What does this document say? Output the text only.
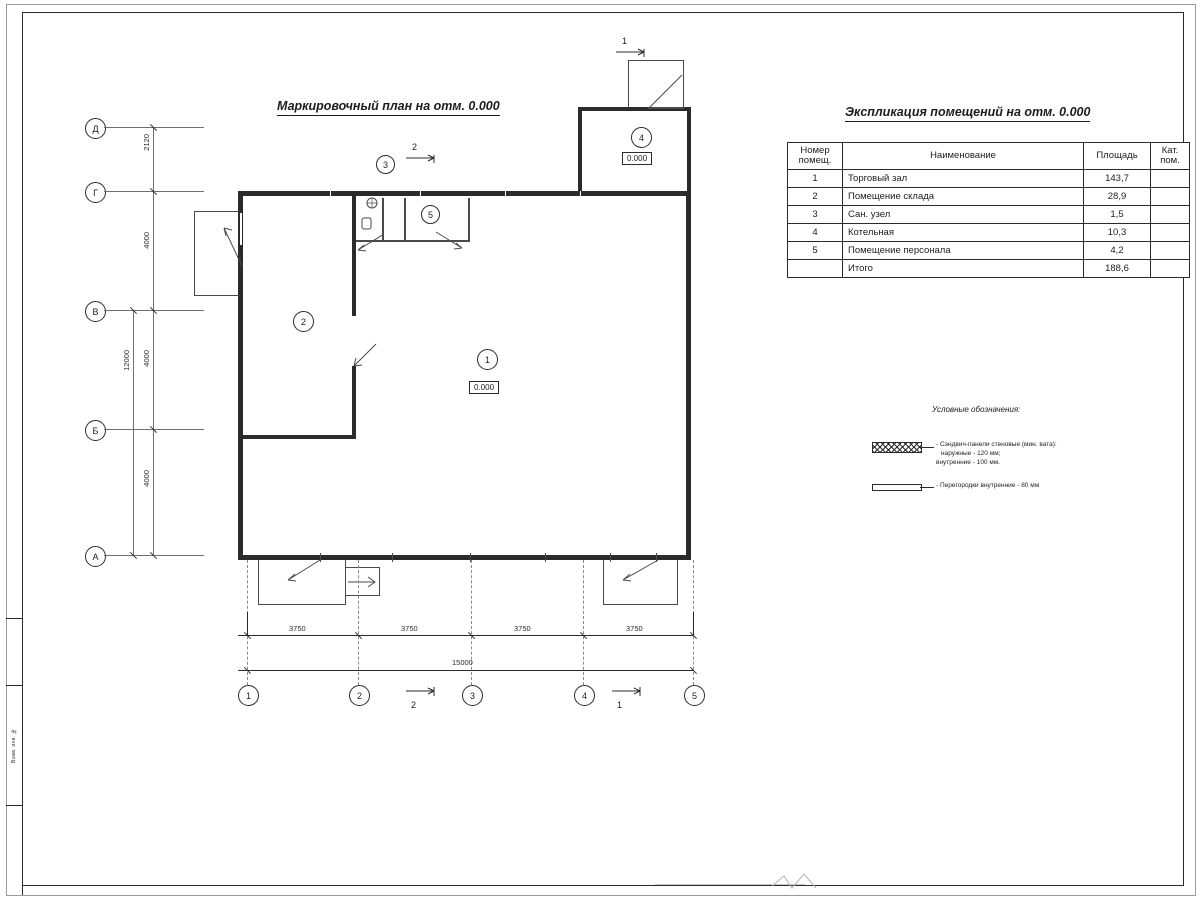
Взам. инв. №
Маркировочный план на отм. 0.000	Экспликация помещений на отм. 0.000
4
0.000
2
1
0.000
3
5
1
2
2	1
Д
Г
В
Б
А
2120
4000
4000
4000
12000
1	2	3	4	5
3750	3750	3750	3750
15000
Номер помещ.	Наименование	Площадь	Кат. пом.
1	Торговый зал	143,7	
2	Помещение склада	28,9	
3	Сан. узел	1,5	
4	Котельная	10,3	
5	Помещение персонала	4,2	
	Итого	188,6	
Условные обозначения:
- Сэндвич-панели стеновые (мин. вата):
наружные - 120 мм;
внутренние - 100 мм.
- Перегородки внутренние - 80 мм
